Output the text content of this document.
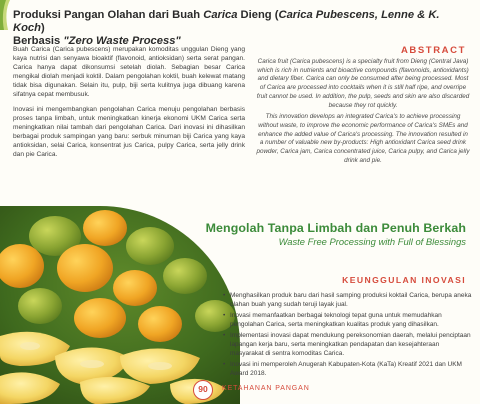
Produksi Pangan Olahan dari Buah Carica Dieng (Carica Pubescens, Lenne & K. Koch)
Berbasis "Zero Waste Process"

Buah Carica (Carica pubescens) merupakan komoditas unggulan Dieng yang kaya nutrisi dan senyawa bioaktif (flavonoid, antioksidan) serta serat pangan. Carica hanya dapat dikonsumsi setelah diolah. Sebagian besar Carica mengikal diolah menjadi koktil. Dalam pengolahan koktil, buah kelewat matang tidak bisa digunakan. Selain itu, pulp, biji serta kulitnya juga dibuang karena sifatnya cepat membusuk.

Inovasi ini mengembangkan pengolahan Carica menuju pengolahan berbasis proses tanpa limbah, untuk meningkatkan kinerja ekonomi UKM Carica serta meningkatkan nilai tambah dari pengolahan Carica. Dari inovasi ini dihasilkan berbagai produk sampingan yang baru: serbuk minuman biji Carica yang kaya antioksidan, selai Carica, konsentrat jus Carica, pulpy Carica, serta jelly drink dan pie Carica.

ABSTRACT

Carica fruit (Carica pubescens) is a specialty fruit from Dieng (Central Java) which is rich in nutrients and bioactive compounds (flavonoids, antioxidants) and dietary fiber. Carica can only be consumed after being processed. Most of Carica are processed into cocktails when it is still half ripe, and overripe fruit cannot be used. In addition, the pulp, seeds and skin are also discarded because they rot quickly.

This innovation develops an integrated Carica's to achieve processing without waste, to improve the economic performance of Carica's SMEs and enhance the added value of Carica's processing. The innovation resulted in a number of valuable new by-products: High antioxidant Carica seed drink powder, Carica jam, Carica concentrated juice, Carica pulpy, and Carica jelly drink and pie.

Mengolah Tanpa Limbah dan Penuh Berkah
Waste Free Processing with Full of Blessings
KEUNGGULAN INOVASI
• Menghasilkan produk baru dari hasil samping produksi koktail Carica, berupa aneka olahan buah yang sudah teruji layak jual.
• Inovasi memanfaatkan berbagai teknologi tepat guna untuk memudahkan pengolahan Carica, serta meningkatkan kualitas produk yang dihasilkan.
• Implementasi inovasi dapat mendukung pereksonomian daerah, melalui penciptaan lapangan kerja baru, serta meningkatkan pendapatan dan kesejahteraan masyarakat di sentra komoditas Carica.
• Inovasi ini memperoleh Anugerah Kabupaten-Kota (KaTa) Kreatif 2021 dan UKM Award 2018.
90	KETAHANAN PANGAN
